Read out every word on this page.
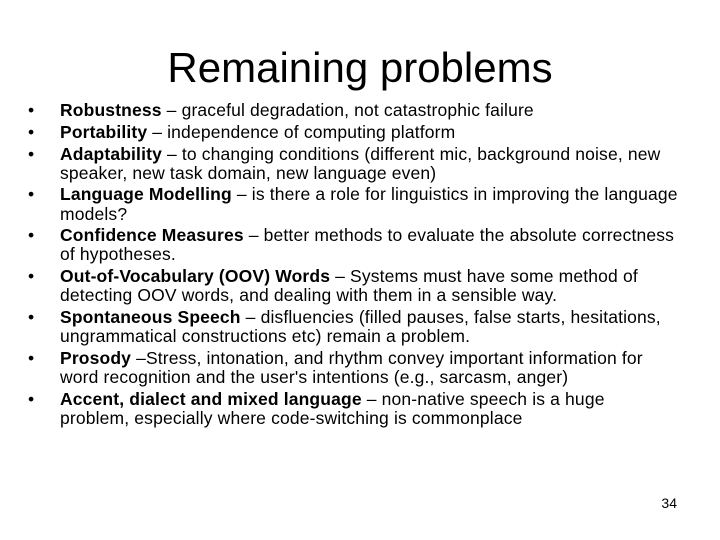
Remaining problems
•	Robustness – graceful degradation, not catastrophic failure
•	Portability – independence of computing platform
•	Adaptability – to changing conditions (different mic, background noise, new speaker, new task domain, new language even)
•	Language Modelling – is there a role for linguistics in improving the language models?
•	Confidence Measures – better methods to evaluate the absolute correctness of hypotheses.
•	Out-of-Vocabulary (OOV) Words – Systems must have some method of detecting OOV words, and dealing with them in a sensible way.
•	Spontaneous Speech – disfluencies (filled pauses, false starts, hesitations, ungrammatical constructions etc) remain a problem.
•	Prosody –Stress, intonation, and rhythm convey important information for word recognition and the user's intentions (e.g., sarcasm, anger)
•	Accent, dialect and mixed language – non-native speech is a huge problem, especially where code-switching is commonplace
34
